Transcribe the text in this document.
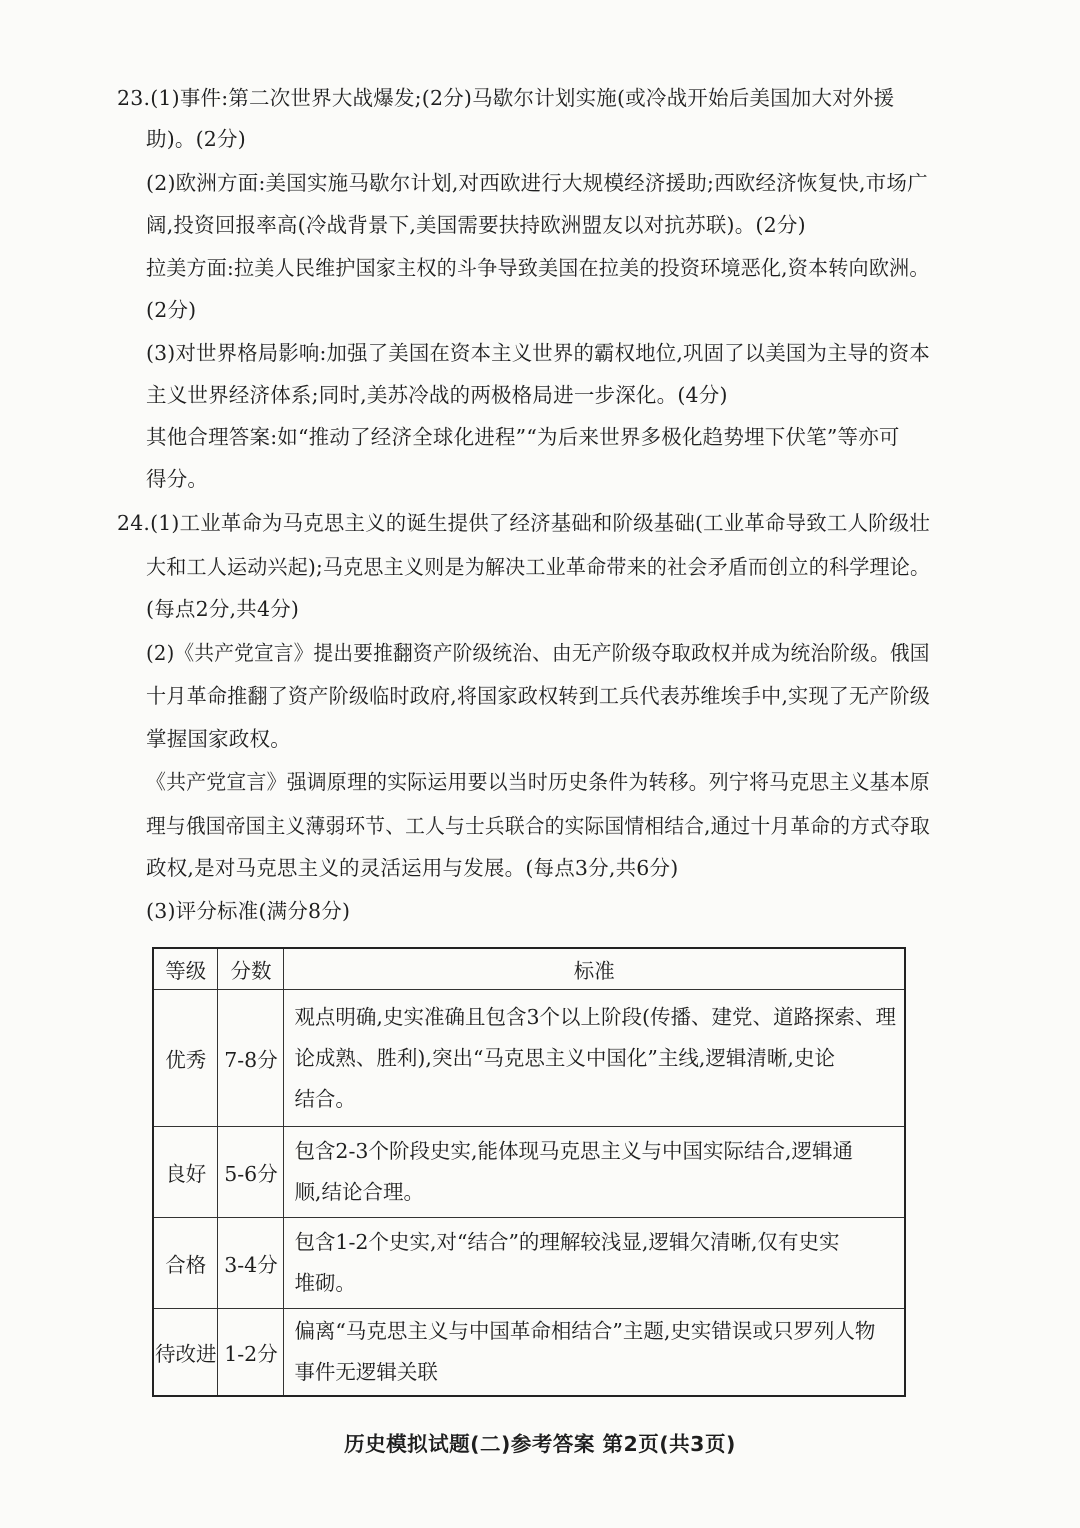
23.(1)事件:第二次世界大战爆发;(2分)马歇尔计划实施(或冷战开始后美国加大对外援
助)。(2分)
(2)欧洲方面:美国实施马歇尔计划,对西欧进行大规模经济援助;西欧经济恢复快,市场广
阔,投资回报率高(冷战背景下,美国需要扶持欧洲盟友以对抗苏联)。(2分)
拉美方面:拉美人民维护国家主权的斗争导致美国在拉美的投资环境恶化,资本转向欧洲。
(2分)
(3)对世界格局影响:加强了美国在资本主义世界的霸权地位,巩固了以美国为主导的资本
主义世界经济体系;同时,美苏冷战的两极格局进一步深化。(4分)
其他合理答案:如“推动了经济全球化进程”“为后来世界多极化趋势埋下伏笔”等亦可
得分。
24.(1)工业革命为马克思主义的诞生提供了经济基础和阶级基础(工业革命导致工人阶级壮
大和工人运动兴起);马克思主义则是为解决工业革命带来的社会矛盾而创立的科学理论。
(每点2分,共4分)
(2)《共产党宣言》提出要推翻资产阶级统治、由无产阶级夺取政权并成为统治阶级。俄国
十月革命推翻了资产阶级临时政府,将国家政权转到工兵代表苏维埃手中,实现了无产阶级
掌握国家政权。
《共产党宣言》强调原理的实际运用要以当时历史条件为转移。列宁将马克思主义基本原
理与俄国帝国主义薄弱环节、工人与士兵联合的实际国情相结合,通过十月革命的方式夺取
政权,是对马克思主义的灵活运用与发展。(每点3分,共6分)
(3)评分标准(满分8分)
等级	分数	标准
优秀	7-8分	观点明确,史实准确且包含3个以上阶段(传播、建党、道路探索、理
论成熟、胜利),突出“马克思主义中国化”主线,逻辑清晰,史论
结合。

良好	5-6分	包含2-3个阶段史实,能体现马克思主义与中国实际结合,逻辑通
顺,结论合理。

合格	3-4分	包含1-2个史实,对“结合”的理解较浅显,逻辑欠清晰,仅有史实
堆砌。

待改进	1-2分	偏离“马克思主义与中国革命相结合”主题,史实错误或只罗列人物
事件无逻辑关联
历史模拟试题(二)参考答案 第2页(共3页)
